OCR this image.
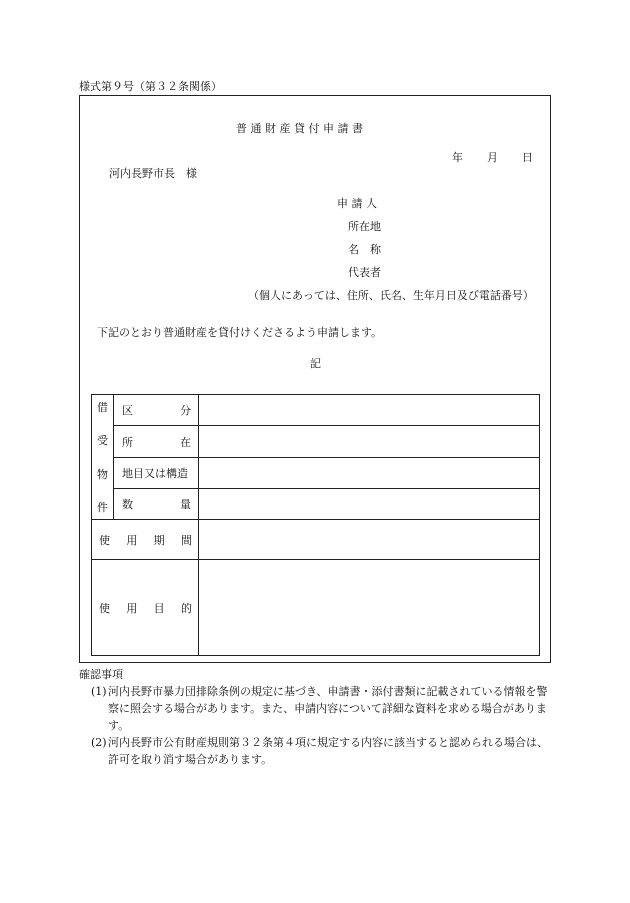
様式第９号（第３２条関係）
普 通 財 産 貸 付 申 請 書
年 月 日
河内長野市長　様
申 請 人
所在地
名 称
代表者
（個人にあっては、住所、氏名、生年月日及び電話番号）
下記のとおり普通財産を貸付けくださるよう申請します。
記
借
受
物
件	区 分	

	所 在	

	地目又は構造	

	数 量	

使 用 期 間		

使 用 目 的		

確認事項
(1) 河内長野市暴力団排除条例の規定に基づき、申請書・添付書類に記載されている情報を警察に照会する場合があります。また、申請内容について詳細な資料を求める場合があります。
(2) 河内長野市公有財産規則第３２条第４項に規定する内容に該当すると認められる場合は、許可を取り消す場合があります。
